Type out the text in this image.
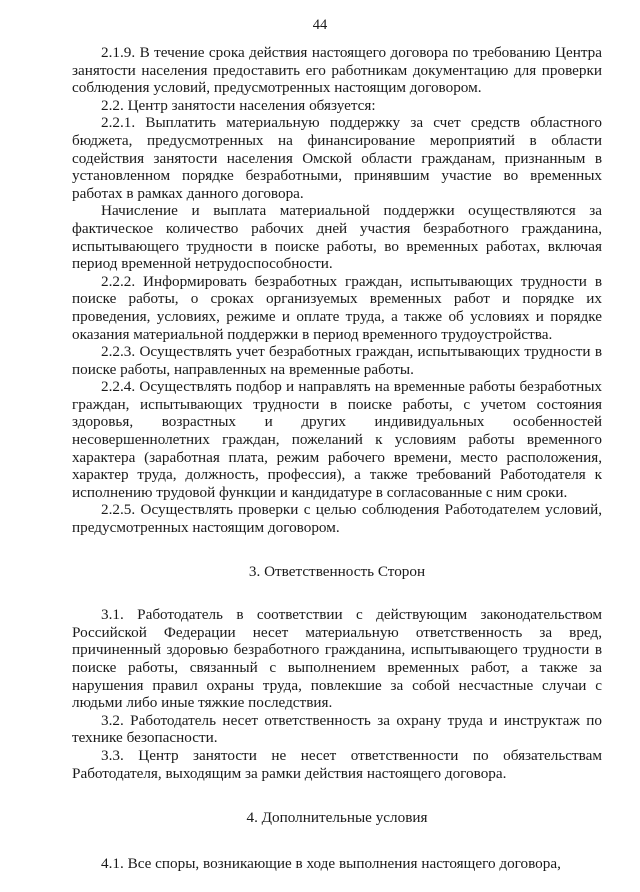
44

2.1.9. В течение срока действия настоящего договора по требованию Центра занятости населения предоставить его работникам документацию для проверки соблюдения условий, предусмотренных настоящим договором.

2.2. Центр занятости населения обязуется:

2.2.1. Выплатить материальную поддержку за счет средств областного бюджета, предусмотренных на финансирование мероприятий в области содействия занятости населения Омской области гражданам, признанным в установленном порядке безработными, принявшим участие во временных работах в рамках данного договора.

Начисление и выплата материальной поддержки осуществляются за фактическое количество рабочих дней участия безработного гражданина, испытывающего трудности в поиске работы, во временных работах, включая период временной нетрудоспособности.

2.2.2. Информировать безработных граждан, испытывающих трудности в поиске работы, о сроках организуемых временных работ и порядке их проведения, условиях, режиме и оплате труда, а также об условиях и порядке оказания материальной поддержки в период временного трудоустройства.

2.2.3. Осуществлять учет безработных граждан, испытывающих трудности в поиске работы, направленных на временные работы.

2.2.4. Осуществлять подбор и направлять на временные работы безработных граждан, испытывающих трудности в поиске работы, с учетом состояния здоровья, возрастных и других индивидуальных особенностей несовершеннолетних граждан, пожеланий к условиям работы временного характера (заработная плата, режим рабочего времени, место расположения, характер труда, должность, профессия), а также требований Работодателя к исполнению трудовой функции и кандидатуре в согласованные с ним сроки.

2.2.5. Осуществлять проверки с целью соблюдения Работодателем условий, предусмотренных настоящим договором.

3. Ответственность Сторон

3.1. Работодатель в соответствии с действующим законодательством Российской Федерации несет материальную ответственность за вред, причиненный здоровью безработного гражданина, испытывающего трудности в поиске работы, связанный с выполнением временных работ, а также за нарушения правил охраны труда, повлекшие за собой несчастные случаи с людьми либо иные тяжкие последствия.

3.2. Работодатель несет ответственность за охрану труда и инструктаж по технике безопасности.

3.3. Центр занятости не несет ответственности по обязательствам Работодателя, выходящим за рамки действия настоящего договора.

4. Дополнительные условия

4.1. Все споры, возникающие в ходе выполнения настоящего договора,
